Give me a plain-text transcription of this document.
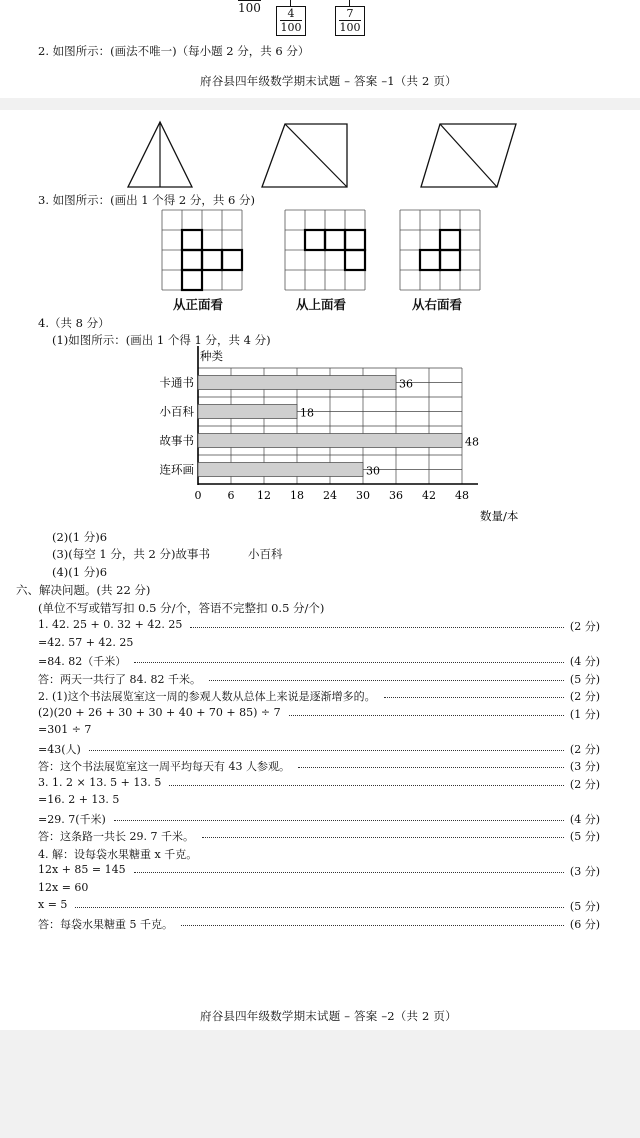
$100 \frac{4}{100}$	$\frac{7}{100}$
2. 如图所示：(画法不唯一)（每小题 2 分，共 6 分）
府谷县四年级数学期末试题 – 答案 –1（共 2 页）
3. 如图所示：(画出 1 个得 2 分，共 6 分)
从正面看	从上面看	从右面看
4.（共 8 分）
(1)如图所示：(画出 1 个得 1 分，共 4 分)
种类
卡通书
小百科
故事书
连环画
36
18
48
30
0 6 12 18 24 30 36 42 48
数量/本
(2)(1 分)6
(3)(每空 1 分，共 2 分)故事书	小百科
(4)(1 分)6
六、解决问题。(共 22 分)
(单位不写或错写扣 0.5 分/个，答语不完整扣 0.5 分/个)
1. 42. 25 + 0. 32 + 42. 25	(2 分)
=42. 57 + 42. 25
=84. 82（千米）	(4 分)
答：两天一共行了 84. 82 千米。	(5 分)
2. (1)这个书法展览室这一周的参观人数从总体上来说是逐渐增多的。	(2 分)
(2)(20 + 26 + 30 + 30 + 40 + 70 + 85) ÷ 7	(1 分)
=301 ÷ 7
=43(人)	(2 分)
答：这个书法展览室这一周平均每天有 43 人参观。	(3 分)
3. 1. 2 × 13. 5 + 13. 5	(2 分)
=16. 2 + 13. 5
=29. 7(千米)	(4 分)
答：这条路一共长 29. 7 千米。	(5 分)
4. 解：设每袋水果糖重 x 千克。
12x + 85 = 145	(3 分)
12x = 60
x = 5	(5 分)
答：每袋水果糖重 5 千克。	(6 分)
府谷县四年级数学期末试题 – 答案 –2（共 2 页）
